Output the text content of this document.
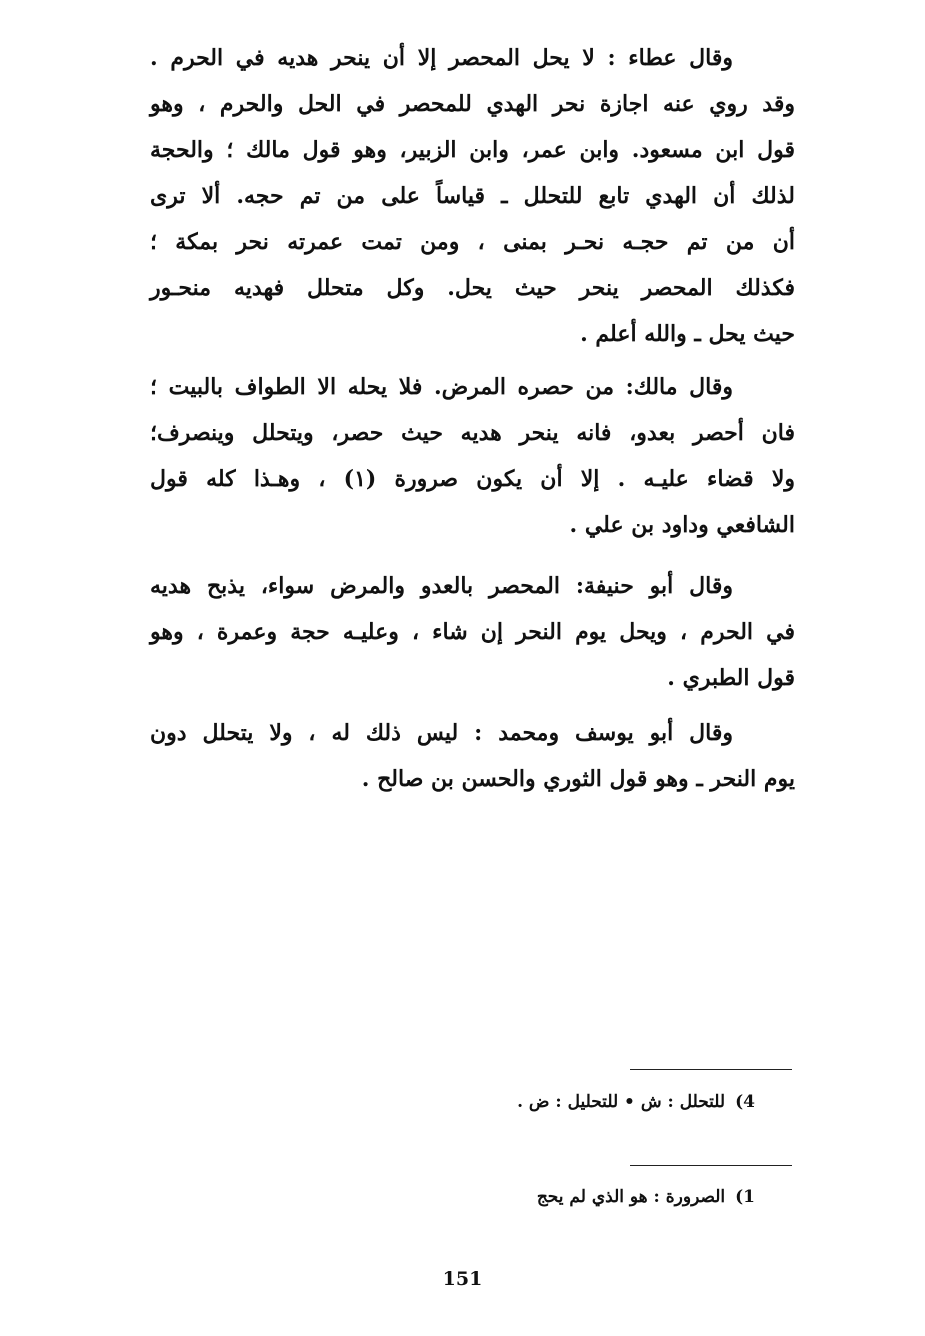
وقال عطاء : لا يحل المحصر إلا أن ينحر هديه في الحرم .
وقد روي عنه اجازة نحر الهدي للمحصر في الحل والحرم ، وهو
قول ابن مسعود. وابن عمر، وابن الزبير، وهو قول مالك ؛ والحجة
لذلك أن الهدي تابع للتحلل ـ قياساً على من تم حجه. ألا ترى
أن من تم حجـه نحـر بمنى ، ومن تمت عمرته نحر بمكة ؛
فكذلك المحصر ينحر حيث يحل. وكل متحلل فهديه منحـور
حيث يحل ـ والله أعلم .
وقال مالك: من حصره المرض. فلا يحله الا الطواف بالبيت ؛
فان أحصر بعدو، فانه ينحر هديه حيث حصر، ويتحلل وينصرف؛
ولا قضاء عليـه . إلا أن يكون صرورة (١) ، وهـذا كله قول
الشافعي وداود بن علي .
وقال أبو حنيفة: المحصر بالعدو والمرض سواء، يذبح هديه
في الحرم ، ويحل يوم النحر إن شاء ، وعليـه حجة وعمرة ، وهو
قول الطبري .
وقال أبو يوسف ومحمد : ليس ذلك له ، ولا يتحلل دون
يوم النحر ـ وهو قول الثوري والحسن بن صالح .
4)للتحلل : ش • للتحليل : ض .
1)الصرورة : هو الذي لم يحج
151
